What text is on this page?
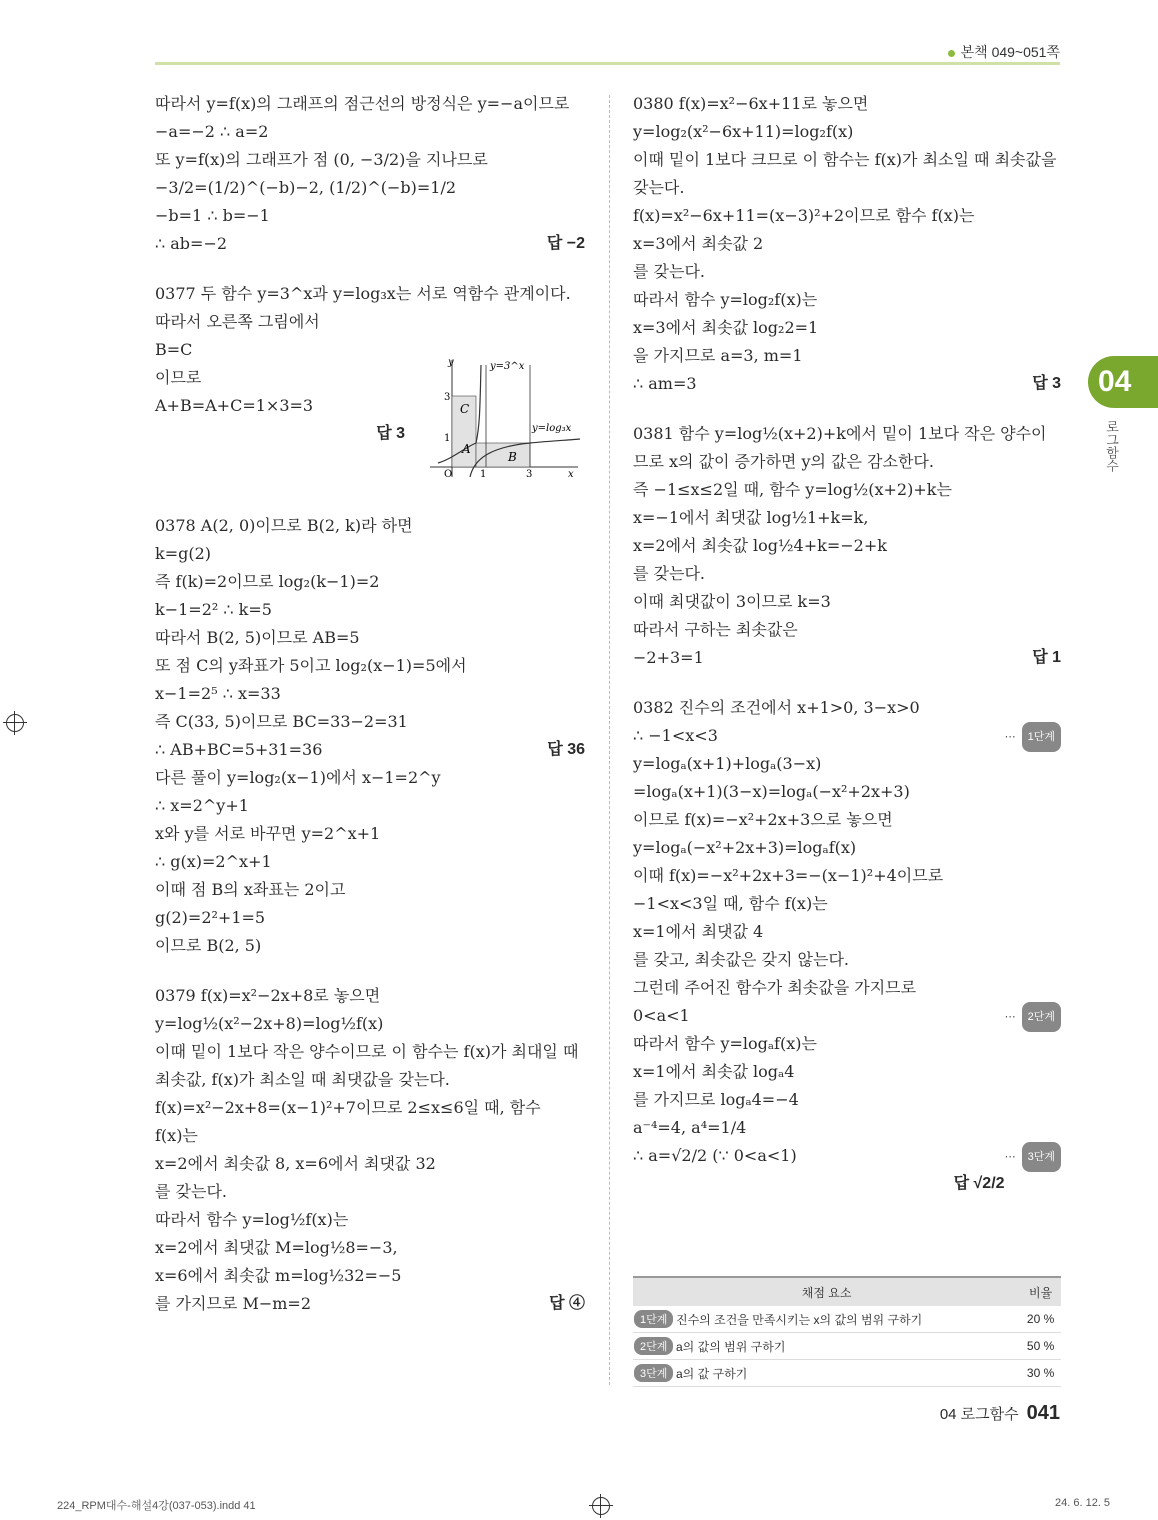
본책 049~051쪽
따라서 y=f(x)의 그래프의 점근선의 방정식은 y=−a이므로
−a=−2 ∴ a=2
또 y=f(x)의 그래프가 점 (0, −3/2)을 지나므로
−3/2=(1/2)^(−b)−2, (1/2)^(−b)=1/2
−b=1 ∴ b=−1
∴ ab=−2	답 −2
0377 두 함수 y=3^x과 y=log₃x는 서로 역함수 관계이다.
따라서 오른쪽 그림에서
B=C
이므로
A+B=A+C=1×3=3
답 3
0378 A(2, 0)이므로 B(2, k)라 하면
k=g(2)
즉 f(k)=2이므로 log₂(k−1)=2
k−1=2² ∴ k=5
따라서 B(2, 5)이므로 AB=5
또 점 C의 y좌표가 5이고 log₂(x−1)=5에서
x−1=2⁵ ∴ x=33
즉 C(33, 5)이므로 BC=33−2=31
∴ AB+BC=5+31=36	답 36
다른 풀이 y=log₂(x−1)에서 x−1=2^y
∴ x=2^y+1
x와 y를 서로 바꾸면 y=2^x+1
∴ g(x)=2^x+1
이때 점 B의 x좌표는 2이고
g(2)=2²+1=5
이므로 B(2, 5)
0379 f(x)=x²−2x+8로 놓으면
y=log½(x²−2x+8)=log½f(x)
이때 밑이 1보다 작은 양수이므로 이 함수는 f(x)가 최대일 때
최솟값, f(x)가 최소일 때 최댓값을 갖는다.
f(x)=x²−2x+8=(x−1)²+7이므로 2≤x≤6일 때, 함수
f(x)는
x=2에서 최솟값 8, x=6에서 최댓값 32
를 갖는다.
따라서 함수 y=log½f(x)는
x=2에서 최댓값 M=log½8=−3,
x=6에서 최솟값 m=log½32=−5
를 가지므로 M−m=2	답 ④
y=3^x
y=log₃x
O	x
y
1	3
1
3
A
B
C
0380 f(x)=x²−6x+11로 놓으면
y=log₂(x²−6x+11)=log₂f(x)
이때 밑이 1보다 크므로 이 함수는 f(x)가 최소일 때 최솟값을
갖는다.
f(x)=x²−6x+11=(x−3)²+2이므로 함수 f(x)는
x=3에서 최솟값 2
를 갖는다.
따라서 함수 y=log₂f(x)는
x=3에서 최솟값 log₂2=1
을 가지므로 a=3, m=1
∴ am=3	답 3
0381 함수 y=log½(x+2)+k에서 밑이 1보다 작은 양수이
므로 x의 값이 증가하면 y의 값은 감소한다.
즉 −1≤x≤2일 때, 함수 y=log½(x+2)+k는
x=−1에서 최댓값 log½1+k=k,
x=2에서 최솟값 log½4+k=−2+k
를 갖는다.
이때 최댓값이 3이므로 k=3
따라서 구하는 최솟값은
−2+3=1	답 1
0382 진수의 조건에서 x+1>0, 3−x>0
∴ −1<x<3	⋯ 1단계
y=logₐ(x+1)+logₐ(3−x)
=logₐ(x+1)(3−x)=logₐ(−x²+2x+3)
이므로 f(x)=−x²+2x+3으로 놓으면
y=logₐ(−x²+2x+3)=logₐf(x)
이때 f(x)=−x²+2x+3=−(x−1)²+4이므로
−1<x<3일 때, 함수 f(x)는
x=1에서 최댓값 4
를 갖고, 최솟값은 갖지 않는다.
그런데 주어진 함수가 최솟값을 가지므로
0<a<1	⋯ 2단계
따라서 함수 y=logₐf(x)는
x=1에서 최솟값 logₐ4
를 가지므로 logₐ4=−4
a⁻⁴=4, a⁴=1/4
∴ a=√2/2 (∵ 0<a<1)	⋯ 3단계
답 √2/2
채점 요소		비율
1단계	진수의 조건을 만족시키는 x의 값의 범위 구하기	20 %
2단계	a의 값의 범위 구하기	50 %
3단계	a의 값 구하기	30 %
04
로그함수
04 로그함수 041
224_RPM대수-해설4강(037-053).indd 41	24. 6. 12. 5
